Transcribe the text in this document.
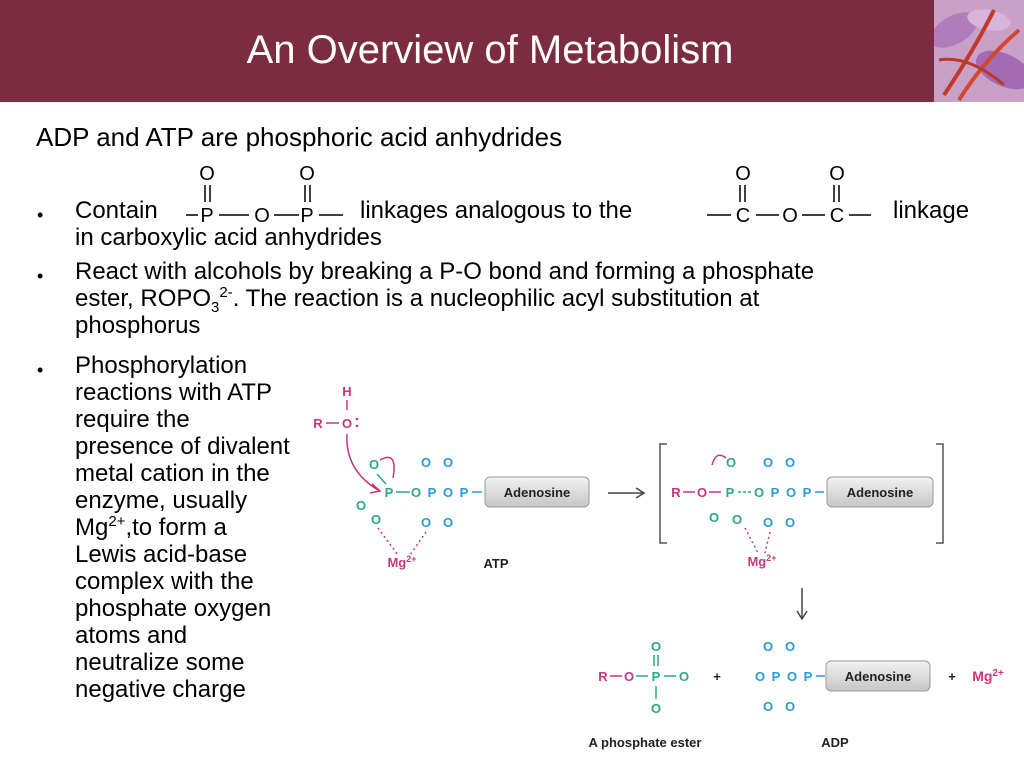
An Overview of Metabolism
ADP and ATP are phosphoric acid anhydrides
• Contain
O	O
P O P linkages analogous to the
O	O
C O C linkage
in carboxylic acid anhydrides
• React with alcohols by breaking a P-O bond and forming a phosphate
ester, $ROPO_3^{2-}$. The reaction is a nucleophilic acyl substitution at
phosphorus
• Phosphorylation
reactions with ATP
require the
presence of divalent
metal cation in the
enzyme, usually
$Mg^{2+},to$ form a
Lewis acid-base
complex with the
phosphate oxygen
atoms and
neutralize some
negative charge
H
R O
O
P
O
O
O P O P
O O
O O
Adenosine
$Mg^{2+}$	ATP
R O P
O
O O
O P O P
O O
O O
Adenosine
$Mg^{2+}$
R O P
O
O
O +	O P O P
O O
O O
Adenosine	+ $Mg^{2+}$
A phosphate ester	ADP
